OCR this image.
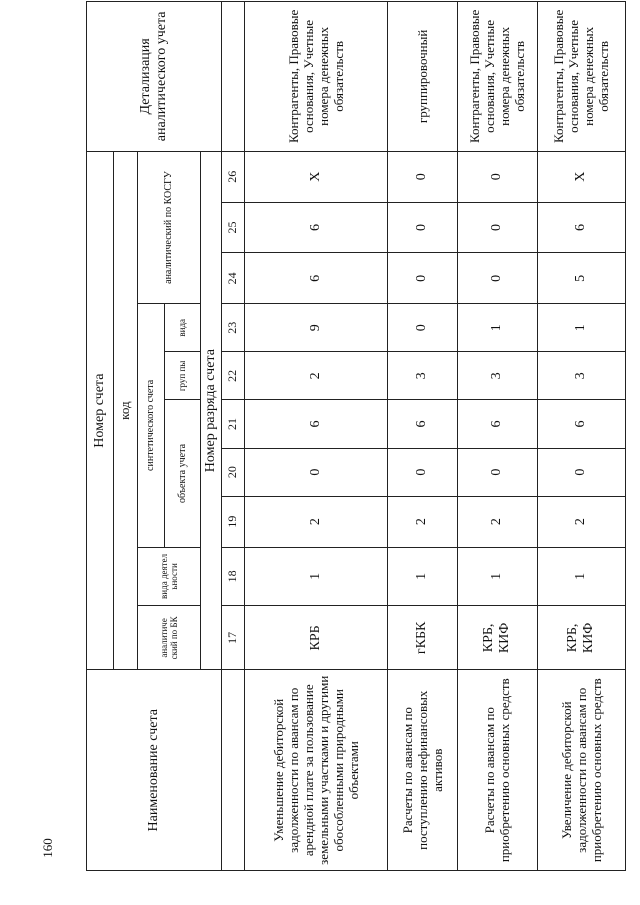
160
Наименование счета	Номер счета										Детализация аналитического учета
	код										
	аналитиче ский по БК	вида деятел ьности	синтетического счета					аналитический по КОСГУ			
			объекта учета			груп пы	вида				
	Номер разряда счета										
	17	18	19	20	21	22	23	24	25	26	
Уменьшение дебиторской задолженности по авансам по арендной плате за пользование земельными участками и другими обособленными природными объектами	КРБ	1	2	0	6	2	9	6	6	Х	Контрагенты, Правовые основания, Учетные номера денежных обязательств
Расчеты по авансам по поступлению нефинансовых активов	гКБК	1	2	0	6	3	0	0	0	0	группировочный
Расчеты по авансам по приобретению основных средств	КРБ, КИФ	1	2	0	6	3	1	0	0	0	Контрагенты, Правовые основания, Учетные номера денежных обязательств
Увеличение дебиторской задолженности по авансам по приобретению основных средств	КРБ, КИФ	1	2	0	6	3	1	5	6	Х	Контрагенты, Правовые основания, Учетные номера денежных обязательств
